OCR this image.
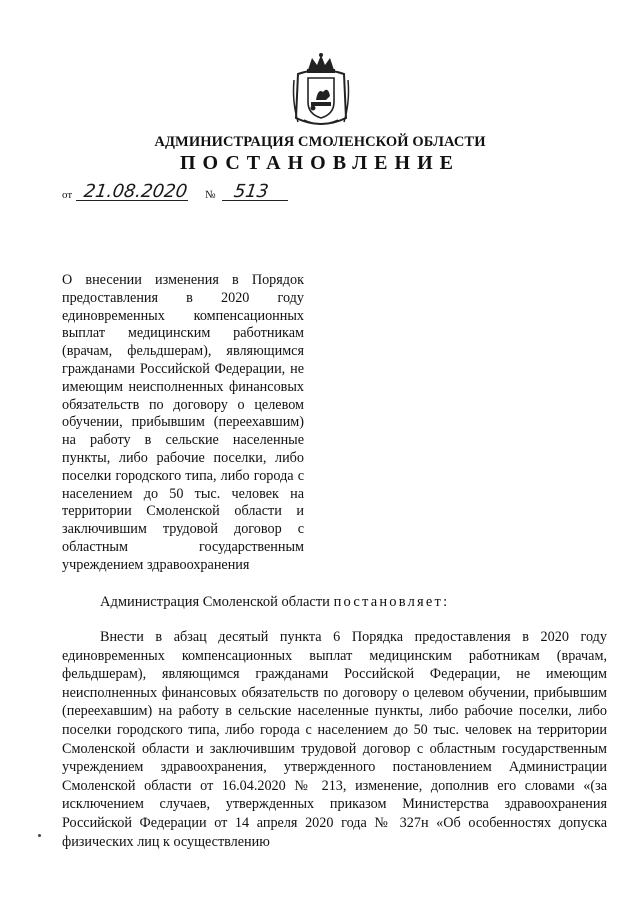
АДМИНИСТРАЦИЯ СМОЛЕНСКОЙ ОБЛАСТИ
ПОСТАНОВЛЕНИЕ
от 21.08.2020 № 513
О внесении изменения в Порядок предоставления в 2020 году единовременных компенсационных выплат медицинским работникам (врачам, фельдшерам), являющимся гражданами Российской Федерации, не имеющим неисполненных финансовых обязательств по договору о целевом обучении, прибывшим (переехавшим) на работу в сельские населенные пункты, либо рабочие поселки, либо поселки городского типа, либо города с населением до 50 тыс. человек на территории Смоленской области и заключившим трудовой договор с областным государственным учреждением здравоохранения
Администрация Смоленской области постановляет:
Внести в абзац десятый пункта 6 Порядка предоставления в 2020 году единовременных компенсационных выплат медицинским работникам (врачам, фельдшерам), являющимся гражданами Российской Федерации, не имеющим неисполненных финансовых обязательств по договору о целевом обучении, прибывшим (переехавшим) на работу в сельские населенные пункты, либо рабочие поселки, либо поселки городского типа, либо города с населением до 50 тыс. человек на территории Смоленской области и заключившим трудовой договор с областным государственным учреждением здравоохранения, утвержденного постановлением Администрации Смоленской области от 16.04.2020 № 213, изменение, дополнив его словами «(за исключением случаев, утвержденных приказом Министерства здравоохранения Российской Федерации от 14 апреля 2020 года № 327н «Об особенностях допуска физических лиц к осуществлению
